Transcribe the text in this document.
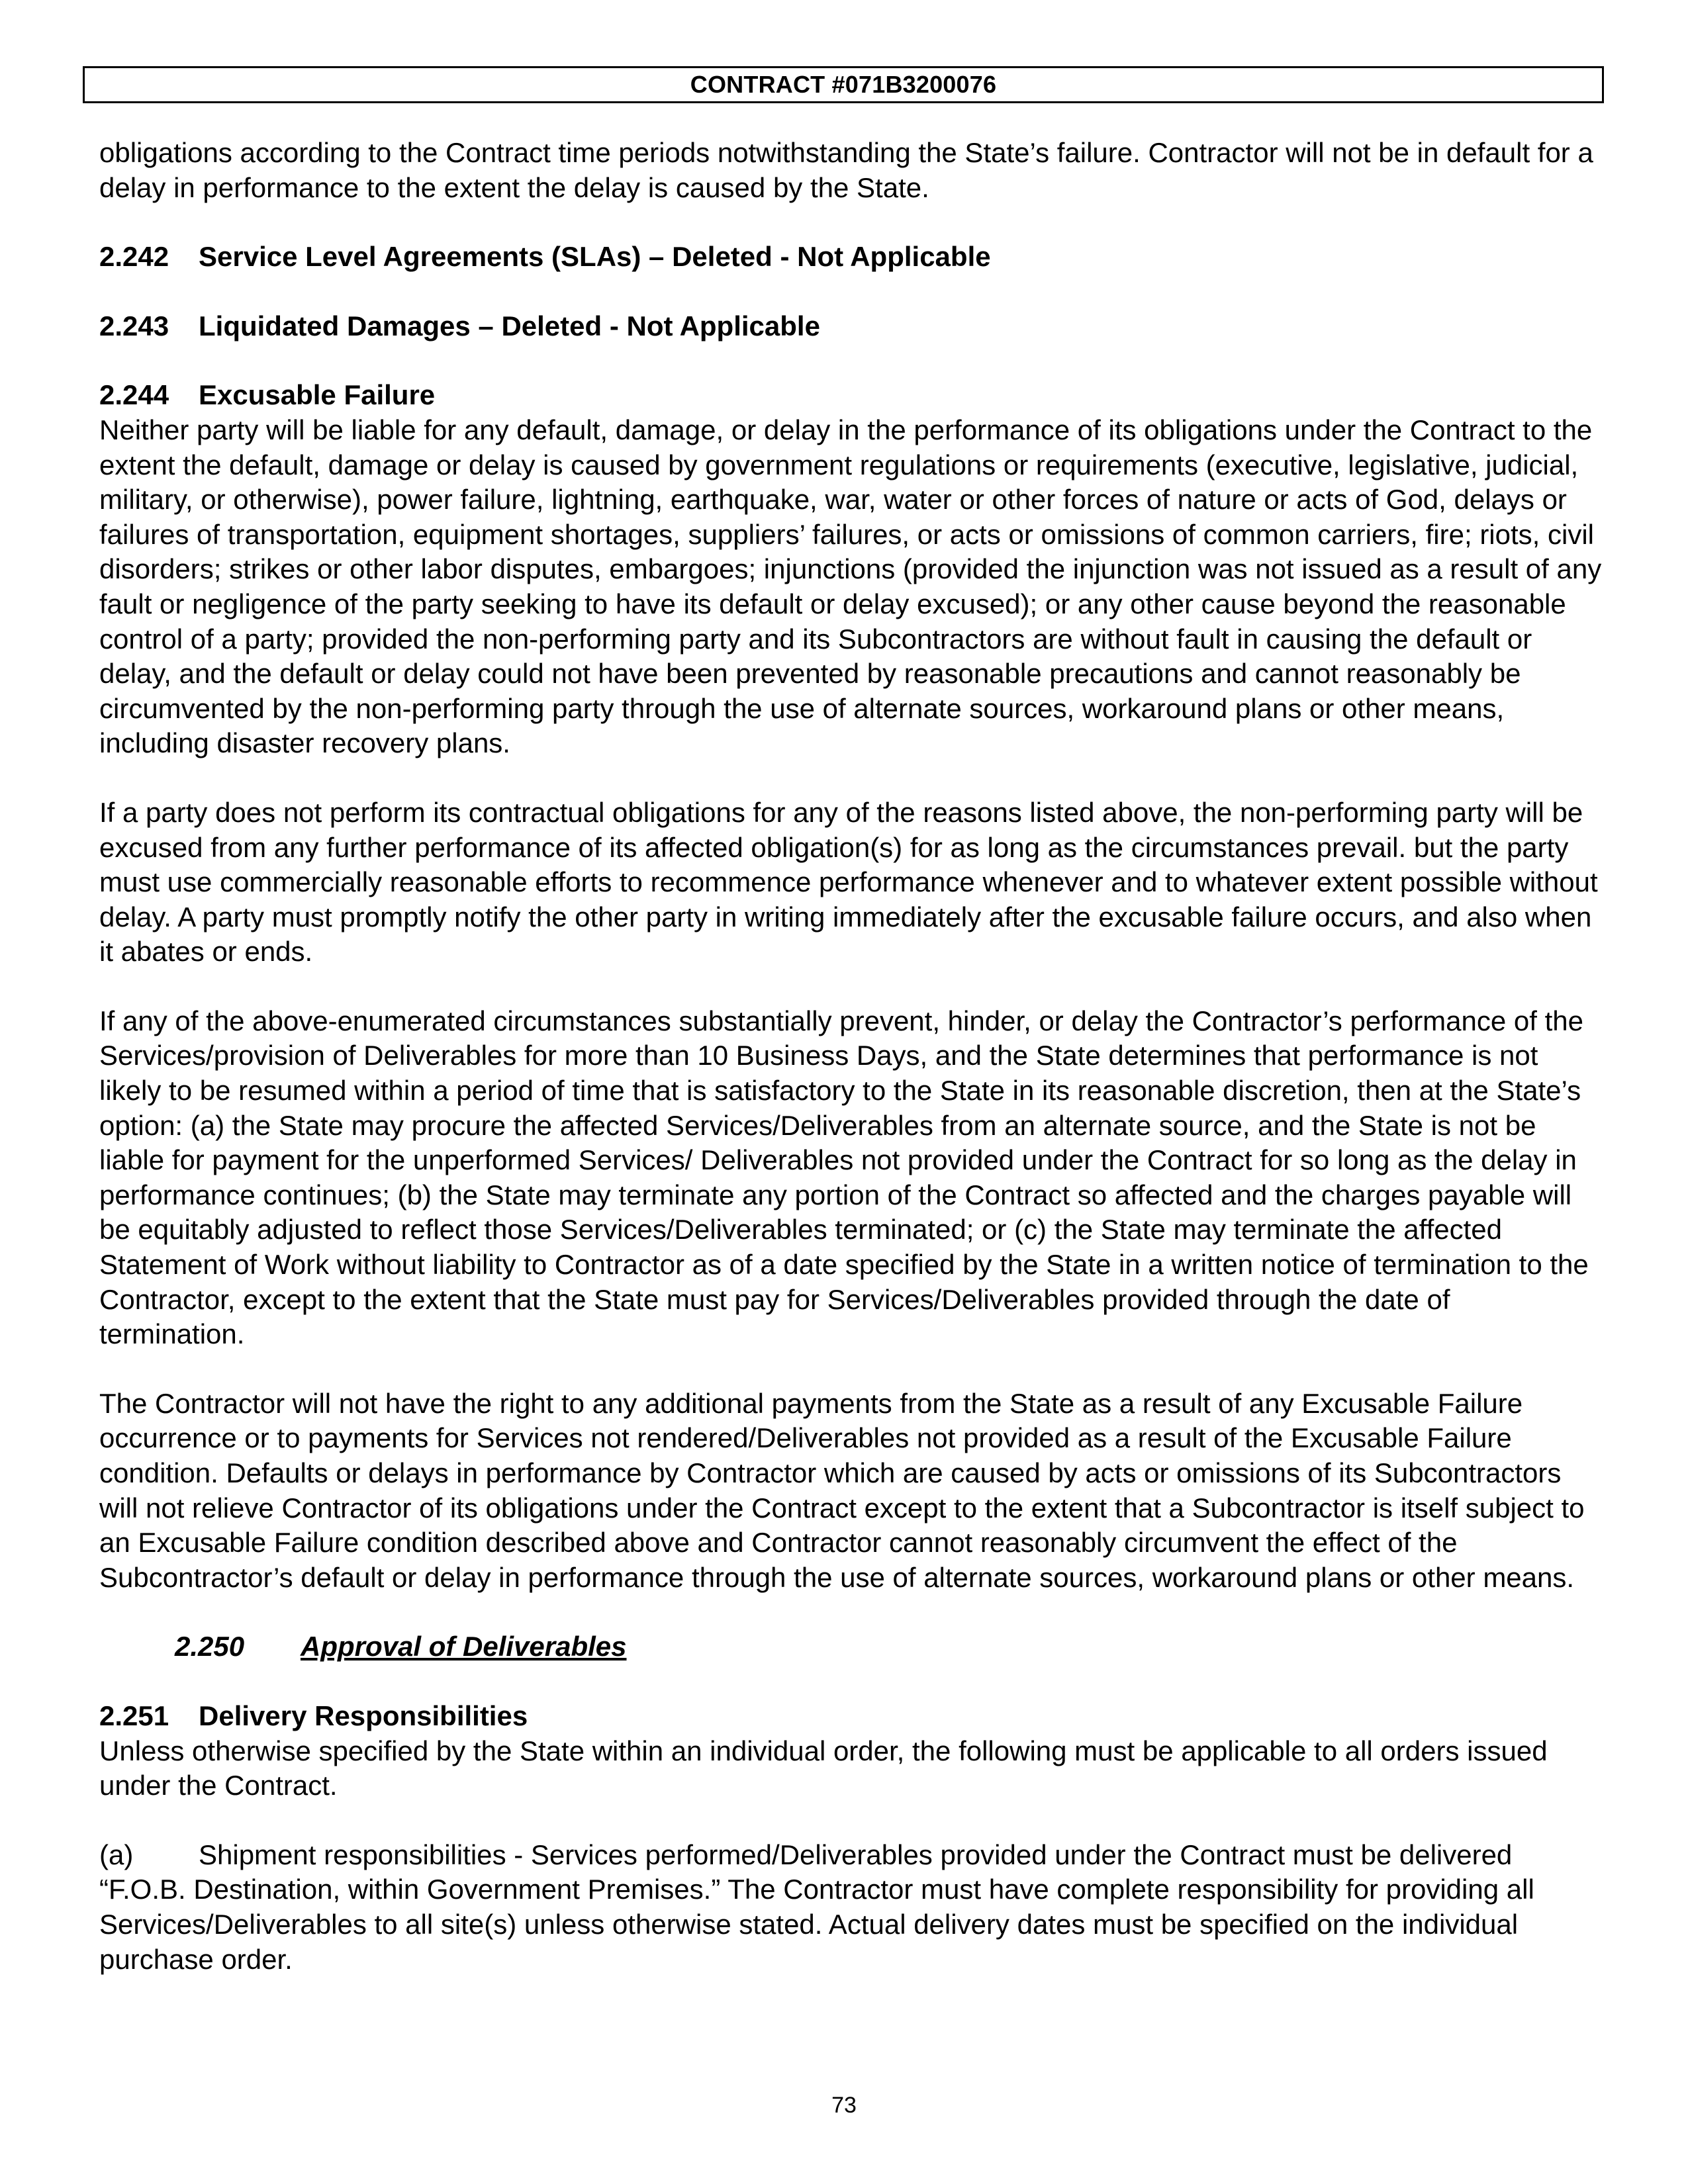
CONTRACT #071B3200076

obligations according to the Contract time periods notwithstanding the State’s failure. Contractor will not be in default for a delay in performance to the extent the delay is caused by the State.

2.242 Service Level Agreements (SLAs) – Deleted - Not Applicable

2.243 Liquidated Damages – Deleted - Not Applicable

2.244 Excusable Failure

Neither party will be liable for any default, damage, or delay in the performance of its obligations under the Contract to the extent the default, damage or delay is caused by government regulations or requirements (executive, legislative, judicial, military, or otherwise), power failure, lightning, earthquake, war, water or other forces of nature or acts of God, delays or failures of transportation, equipment shortages, suppliers’ failures, or acts or omissions of common carriers, fire; riots, civil disorders; strikes or other labor disputes, embargoes; injunctions (provided the injunction was not issued as a result of any fault or negligence of the party seeking to have its default or delay excused); or any other cause beyond the reasonable control of a party; provided the non-performing party and its Subcontractors are without fault in causing the default or delay, and the default or delay could not have been prevented by reasonable precautions and cannot reasonably be circumvented by the non-performing party through the use of alternate sources, workaround plans or other means, including disaster recovery plans.

If a party does not perform its contractual obligations for any of the reasons listed above, the non-performing party will be excused from any further performance of its affected obligation(s) for as long as the circumstances prevail. but the party must use commercially reasonable efforts to recommence performance whenever and to whatever extent possible without delay. A party must promptly notify the other party in writing immediately after the excusable failure occurs, and also when it abates or ends.

If any of the above-enumerated circumstances substantially prevent, hinder, or delay the Contractor’s performance of the Services/provision of Deliverables for more than 10 Business Days, and the State determines that performance is not likely to be resumed within a period of time that is satisfactory to the State in its reasonable discretion, then at the State’s option: (a) the State may procure the affected Services/Deliverables from an alternate source, and the State is not be liable for payment for the unperformed Services/ Deliverables not provided under the Contract for so long as the delay in performance continues; (b) the State may terminate any portion of the Contract so affected and the charges payable will be equitably adjusted to reflect those Services/Deliverables terminated; or (c) the State may terminate the affected Statement of Work without liability to Contractor as of a date specified by the State in a written notice of termination to the Contractor, except to the extent that the State must pay for Services/Deliverables provided through the date of termination.

The Contractor will not have the right to any additional payments from the State as a result of any Excusable Failure occurrence or to payments for Services not rendered/Deliverables not provided as a result of the Excusable Failure condition. Defaults or delays in performance by Contractor which are caused by acts or omissions of its Subcontractors will not relieve Contractor of its obligations under the Contract except to the extent that a Subcontractor is itself subject to an Excusable Failure condition described above and Contractor cannot reasonably circumvent the effect of the Subcontractor’s default or delay in performance through the use of alternate sources, workaround plans or other means.

2.250 Approval of Deliverables

2.251 Delivery Responsibilities

Unless otherwise specified by the State within an individual order, the following must be applicable to all orders issued under the Contract.

(a) Shipment responsibilities - Services performed/Deliverables provided under the Contract must be delivered “F.O.B. Destination, within Government Premises.” The Contractor must have complete responsibility for providing all Services/Deliverables to all site(s) unless otherwise stated. Actual delivery dates must be specified on the individual purchase order.

73
